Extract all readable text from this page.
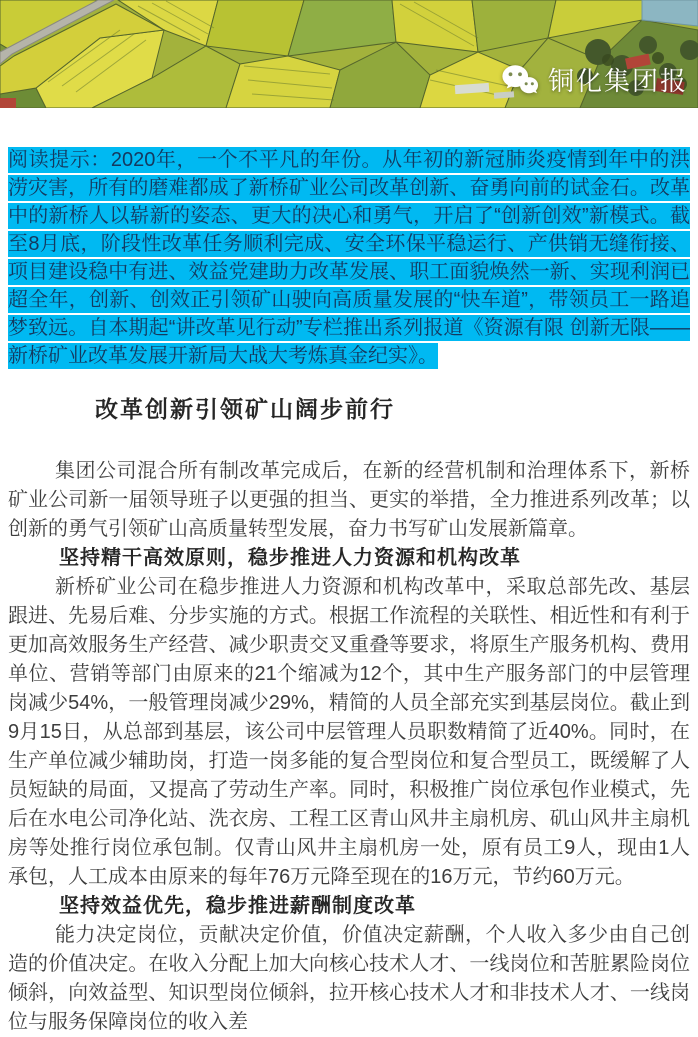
铜化集团报
阅读提示：2020年，一个不平凡的年份。从年初的新冠肺炎疫情到年中的洪涝灾害，所有的磨难都成了新桥矿业公司改革创新、奋勇向前的试金石。改革中的新桥人以崭新的姿态、更大的决心和勇气，开启了“创新创效”新模式。截至8月底，阶段性改革任务顺利完成、安全环保平稳运行、产供销无缝衔接、项目建设稳中有进、效益党建助力改革发展、职工面貌焕然一新、实现利润已超全年，创新、创效正引领矿山驶向高质量发展的“快车道”，带领员工一路追梦致远。自本期起“讲改革见行动”专栏推出系列报道《资源有限 创新无限——新桥矿业改革发展开新局大战大考炼真金纪实》。
改革创新引领矿山阔步前行

集团公司混合所有制改革完成后，在新的经营机制和治理体系下，新桥矿业公司新一届领导班子以更强的担当、更实的举措，全力推进系列改革；以创新的勇气引领矿山高质量转型发展，奋力书写矿山发展新篇章。

坚持精干高效原则，稳步推进人力资源和机构改革

新桥矿业公司在稳步推进人力资源和机构改革中，采取总部先改、基层跟进、先易后难、分步实施的方式。根据工作流程的关联性、相近性和有利于更加高效服务生产经营、减少职责交叉重叠等要求，将原生产服务机构、费用单位、营销等部门由原来的21个缩减为12个，其中生产服务部门的中层管理岗减少54%，一般管理岗减少29%，精简的人员全部充实到基层岗位。截止到9月15日，从总部到基层，该公司中层管理人员职数精简了近40%。同时，在生产单位减少辅助岗，打造一岗多能的复合型岗位和复合型员工，既缓解了人员短缺的局面，又提高了劳动生产率。同时，积极推广岗位承包作业模式，先后在水电公司净化站、洗衣房、工程工区青山风井主扇机房、矶山风井主扇机房等处推行岗位承包制。仅青山风井主扇机房一处，原有员工9人，现由1人承包，人工成本由原来的每年76万元降至现在的16万元，节约60万元。

坚持效益优先，稳步推进薪酬制度改革

能力决定岗位，贡献决定价值，价值决定薪酬，个人收入多少由自己创造的价值决定。在收入分配上加大向核心技术人才、一线岗位和苦脏累险岗位倾斜，向效益型、知识型岗位倾斜，拉开核心技术人才和非技术人才、一线岗位与服务保障岗位的收入差
